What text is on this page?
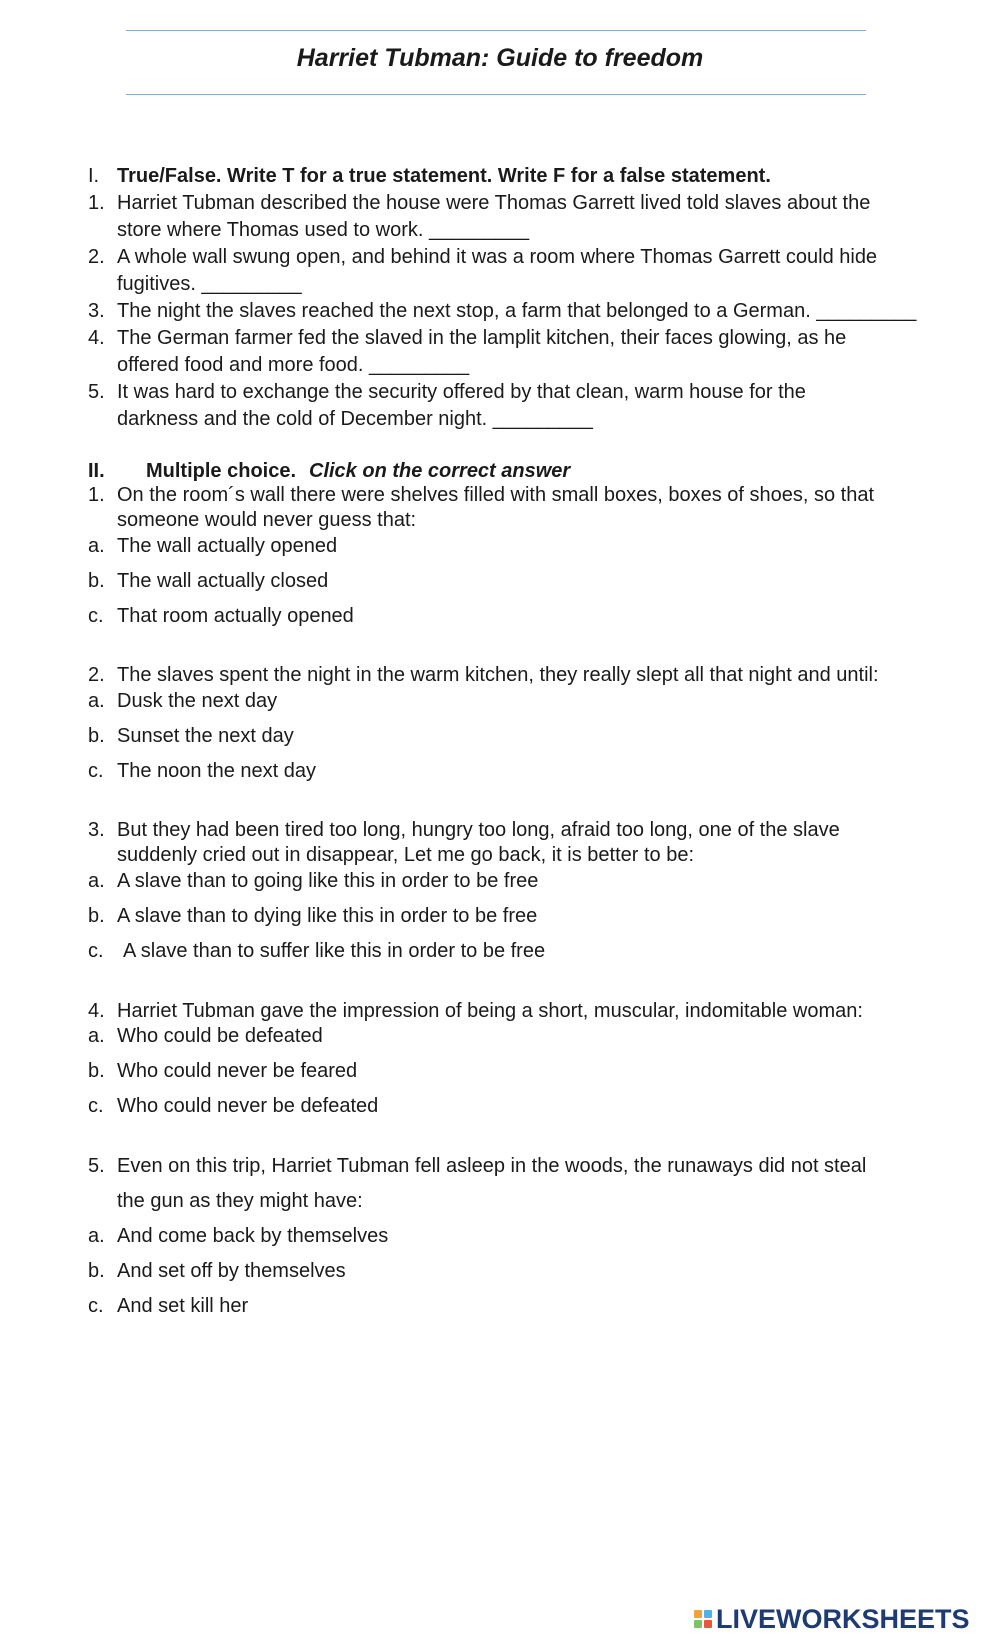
Harriet Tubman: Guide to freedom
I. True/False. Write T for a true statement. Write F for a false statement.
1. Harriet Tubman described the house were Thomas Garrett lived told slaves about the
store where Thomas used to work. _________
2. A whole wall swung open, and behind it was a room where Thomas Garrett could hide
fugitives. _________
3. The night the slaves reached the next stop, a farm that belonged to a German. _________
4. The German farmer fed the slaved in the lamplit kitchen, their faces glowing, as he
offered food and more food. _________
5. It was hard to exchange the security offered by that clean, warm house for the
darkness and the cold of December night. _________
II. Multiple choice. Click on the correct answer
1. On the room´s wall there were shelves filled with small boxes, boxes of shoes, so that
someone would never guess that:
a. The wall actually opened
b. The wall actually closed
c. That room actually opened
2. The slaves spent the night in the warm kitchen, they really slept all that night and until:
a. Dusk the next day
b. Sunset the next day
c. The noon the next day
3. But they had been tired too long, hungry too long, afraid too long, one of the slave
suddenly cried out in disappear, Let me go back, it is better to be:
a. A slave than to going like this in order to be free
b. A slave than to dying like this in order to be free
c. A slave than to suffer like this in order to be free
4. Harriet Tubman gave the impression of being a short, muscular, indomitable woman:
a. Who could be defeated
b. Who could never be feared
c. Who could never be defeated
5. Even on this trip, Harriet Tubman fell asleep in the woods, the runaways did not steal
the gun as they might have:
a. And come back by themselves
b. And set off by themselves
c. And set kill her
LIVEWORKSHEETS
